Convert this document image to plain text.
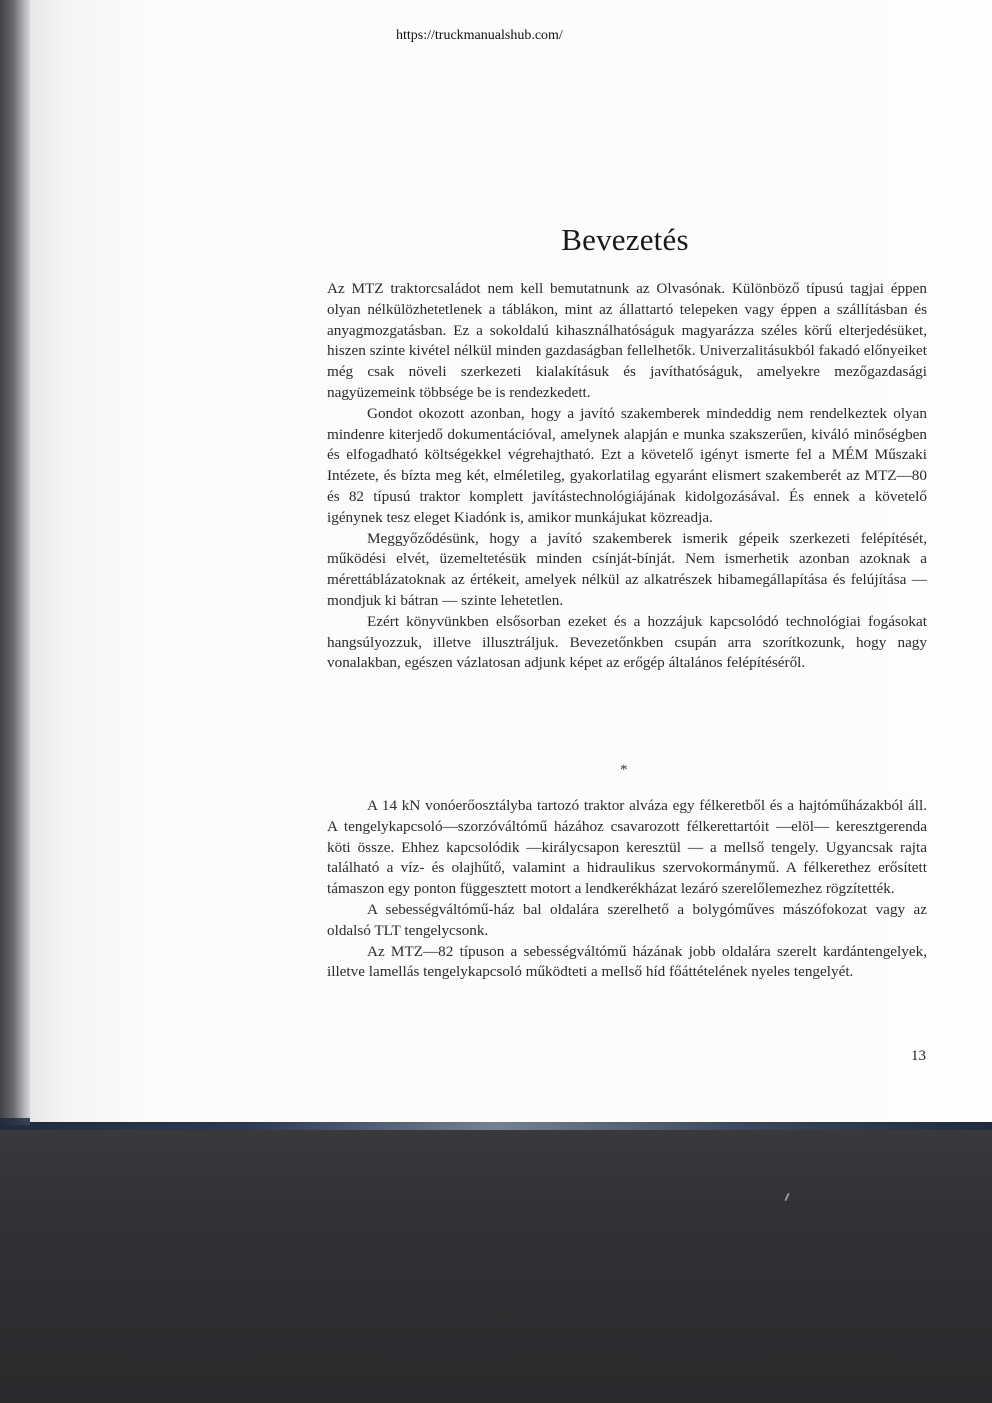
https://truckmanualshub.com/
Bevezetés

Az MTZ traktorcsaládot nem kell bemutatnunk az Olvasónak. Különböző típusú tagjai éppen olyan nélkülözhetetlenek a táblákon, mint az állattartó telepeken vagy éppen a szállításban és anyagmozgatásban. Ez a sokoldalú kihasználhatóságuk magyarázza széles körű elterjedésüket, hiszen szinte kivétel nélkül minden gazdaságban fellelhetők. Univerzalitásukból fakadó előnyeiket még csak növeli szerkezeti kialakításuk és javíthatóságuk, amelyekre mezőgazdasági nagyüzemeink többsége be is rendezkedett.

Gondot okozott azonban, hogy a javító szakemberek mindeddig nem rendelkeztek olyan mindenre kiterjedő dokumentációval, amelynek alapján e munka szakszerűen, kiváló minőségben és elfogadható költségekkel végrehajtható. Ezt a követelő igényt ismerte fel a MÉM Műszaki Intézete, és bízta meg két, elméletileg, gyakorlatilag egyaránt elismert szakemberét az MTZ—80 és 82 típusú traktor komplett javítástechnológiájának kidolgozásával. És ennek a követelő igénynek tesz eleget Kiadónk is, amikor munkájukat közreadja.

Meggyőződésünk, hogy a javító szakemberek ismerik gépeik szerkezeti felépítését, működési elvét, üzemeltetésük minden csínját-bínját. Nem ismerhetik azonban azoknak a mérettáblázatoknak az értékeit, amelyek nélkül az alkatrészek hibamegállapítása és felújítása — mondjuk ki bátran — szinte lehetetlen.

Ezért könyvünkben elsősorban ezeket és a hozzájuk kapcsolódó technológiai fogásokat hangsúlyozzuk, illetve illusztráljuk. Bevezetőnkben csupán arra szorítkozunk, hogy nagy vonalakban, egészen vázlatosan adjunk képet az erőgép általános felépítéséről.

*

A 14 kN vonóerőosztályba tartozó traktor alváza egy félkeretből és a hajtóműházakból áll. A tengelykapcsoló—szorzóváltómű házához csavarozott félkerettartóit —elöl— keresztgerenda köti össze. Ehhez kapcsolódik —királycsapon keresztül — a mellső tengely. Ugyancsak rajta található a víz- és olajhűtő, valamint a hidraulikus szervokormánymű. A félkerethez erősített támaszon egy ponton függesztett motort a lendkerékházat lezáró szerelőlemezhez rögzítették.

A sebességváltómű-ház bal oldalára szerelhető a bolygóműves mászófokozat vagy az oldalsó TLT tengelycsonk.

Az MTZ—82 típuson a sebességváltómű házának jobb oldalára szerelt kardántengelyek, illetve lamellás tengelykapcsoló működteti a mellső híd főáttételének nyeles tengelyét.

13
